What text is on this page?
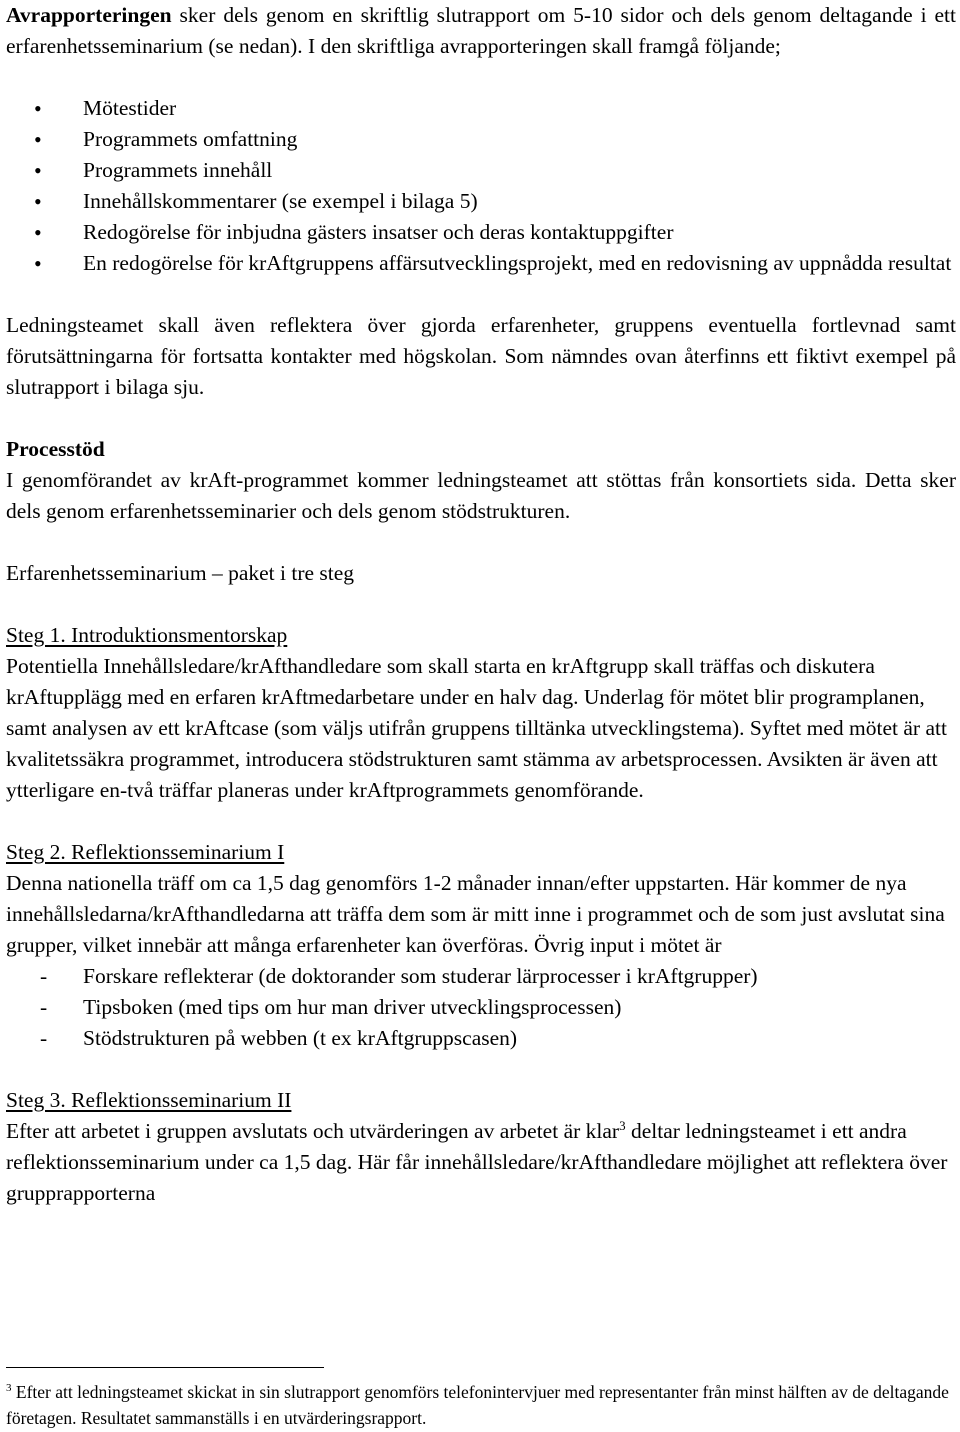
Avrapporteringen sker dels genom en skriftlig slutrapport om 5-10 sidor och dels genom deltagande i ett erfarenhetsseminarium (se nedan). I den skriftliga avrapporteringen skall framgå följande;

• Mötestider
• Programmets omfattning
• Programmets innehåll
• Innehållskommentarer (se exempel i bilaga 5)
• Redogörelse för inbjudna gästers insatser och deras kontaktuppgifter
• En redogörelse för krAftgruppens affärsutvecklingsprojekt, med en redovisning av uppnådda resultat

Ledningsteamet skall även reflektera över gjorda erfarenheter, gruppens eventuella fortlevnad samt förutsättningarna för fortsatta kontakter med högskolan. Som nämndes ovan återfinns ett fiktivt exempel på slutrapport i bilaga sju.

Processtöd

I genomförandet av krAft-programmet kommer ledningsteamet att stöttas från konsortiets sida. Detta sker dels genom erfarenhetsseminarier och dels genom stödstrukturen.

Erfarenhetsseminarium – paket i tre steg

Steg 1. Introduktionsmentorskap

Potentiella Innehållsledare/krAfthandledare som skall starta en krAftgrupp skall träffas och diskutera krAftupplägg med en erfaren krAftmedarbetare under en halv dag. Underlag för mötet blir programplanen, samt analysen av ett krAftcase (som väljs utifrån gruppens tilltänka utvecklingstema). Syftet med mötet är att kvalitetssäkra programmet, introducera stödstrukturen samt stämma av arbetsprocessen. Avsikten är även att ytterligare en-två träffar planeras under krAftprogrammets genomförande.

Steg 2. Reflektionsseminarium I

Denna nationella träff om ca 1,5 dag genomförs 1-2 månader innan/efter uppstarten. Här kommer de nya innehållsledarna/krAfthandledarna att träffa dem som är mitt inne i programmet och de som just avslutat sina grupper, vilket innebär att många erfarenheter kan överföras. Övrig input i mötet är

- Forskare reflekterar (de doktorander som studerar lärprocesser i krAftgrupper)
- Tipsboken (med tips om hur man driver utvecklingsprocessen)
- Stödstrukturen på webben (t ex krAftgruppscasen)

Steg 3. Reflektionsseminarium II

Efter att arbetet i gruppen avslutats och utvärderingen av arbetet är klar$^3$ deltar ledningsteamet i ett andra reflektionsseminarium under ca 1,5 dag. Här får innehållsledare/krAfthandledare möjlighet att reflektera över grupprapporterna

$^3$ Efter att ledningsteamet skickat in sin slutrapport genomförs telefonintervjuer med representanter från minst hälften av de deltagande företagen. Resultatet sammanställs i en utvärderingsrapport.
